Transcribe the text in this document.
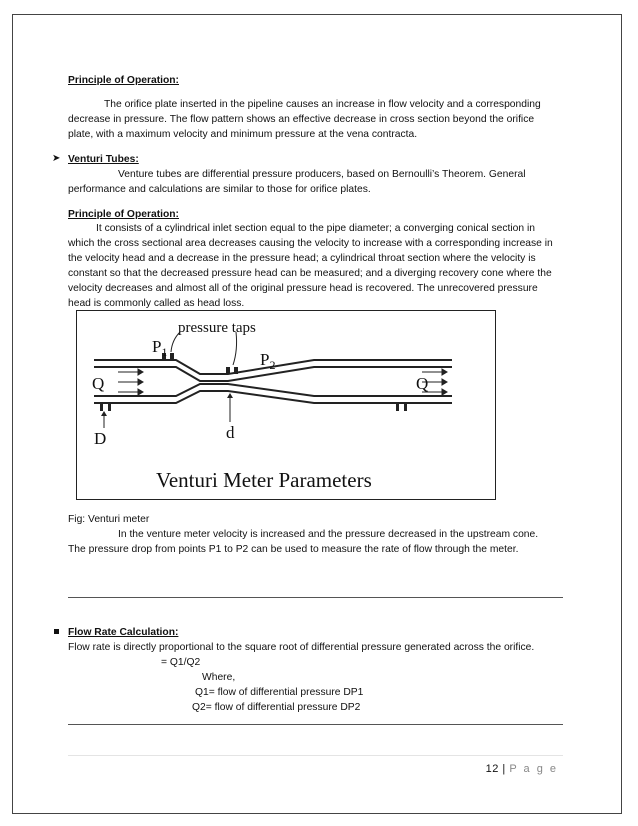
Principle of Operation:
The orifice plate inserted in the pipeline causes an increase in flow velocity and a corresponding
decrease in pressure. The flow pattern shows an effective decrease in cross section beyond the orifice
plate, with a maximum velocity and minimum pressure at the vena contracta.
➤ Venturi Tubes:
Venture tubes are differential pressure producers, based on Bernoulli’s Theorem. General
performance and calculations are similar to those for orifice plates.
Principle of Operation:
It consists of a cylindrical inlet section equal to the pipe diameter; a converging conical section in
which the cross sectional area decreases causing the velocity to increase with a corresponding increase in
the velocity head and a decrease in the pressure head; a cylindrical throat section where the velocity is
constant so that the decreased pressure head can be measured; and a diverging recovery cone where the
velocity decreases and almost all of the original pressure head is recovered. The unrecovered pressure
head is commonly called as head loss.
$P_1$
pressure taps
$P_2$
Q	Q
D	d
Venturi Meter Parameters
Fig: Venturi meter
In the venture meter velocity is increased and the pressure decreased in the upstream cone.
The pressure drop from points P1 to P2 can be used to measure the rate of flow through the meter.
Flow Rate Calculation:
Flow rate is directly proportional to the square root of differential pressure generated across the orifice.
= Q1/Q2
Where,
Q1= flow of differential pressure DP1
Q2= flow of differential pressure DP2
12 | P a g e
